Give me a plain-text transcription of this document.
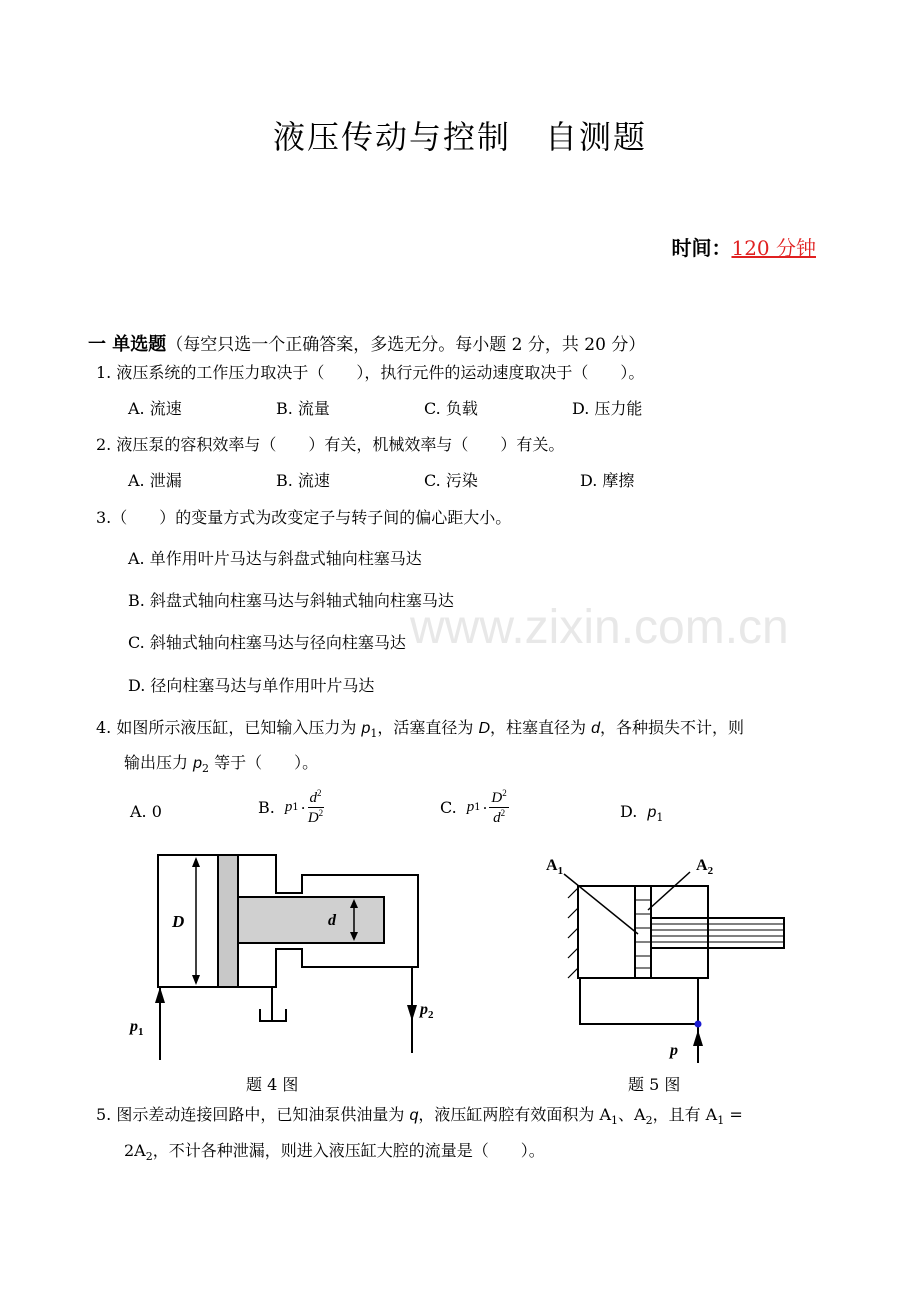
www.zixin.com.cn
液压传动与控制　自测题
时间：120 分钟
一 单选题（每空只选一个正确答案，多选无分。每小题 2 分，共 20 分）
1. 液压系统的工作压力取决于（　　），执行元件的运动速度取决于（　　）。
A. 流速	B. 流量	C. 负载	D. 压力能
2. 液压泵的容积效率与（　　）有关，机械效率与（　　）有关。
A. 泄漏	B. 流速	C. 污染	D. 摩擦
3.（　　）的变量方式为改变定子与转子间的偏心距大小。
A. 单作用叶片马达与斜盘式轴向柱塞马达
B. 斜盘式轴向柱塞马达与斜轴式轴向柱塞马达
C. 斜轴式轴向柱塞马达与径向柱塞马达
D. 径向柱塞马达与单作用叶片马达
4. 如图所示液压缸，已知输入压力为 $p_1$，活塞直径为 D，柱塞直径为 d，各种损失不计，则
输出压力 $p_2$ 等于（　　）。
A. 0	B. p $1 \cdot \frac{d^2}{D^2}$	C. p $1 \cdot \frac{D^2}{d^2}$	D. $p_1$
D	d
$p_1$
$p_2$
题 4 图
$A_1$	$A_2$
p
题 5 图
5. 图示差动连接回路中，已知油泵供油量为 q，液压缸两腔有效面积为 $A_1$、$A_2$，且有 $A_1$ =
$2A_2$，不计各种泄漏，则进入液压缸大腔的流量是（　　）。
